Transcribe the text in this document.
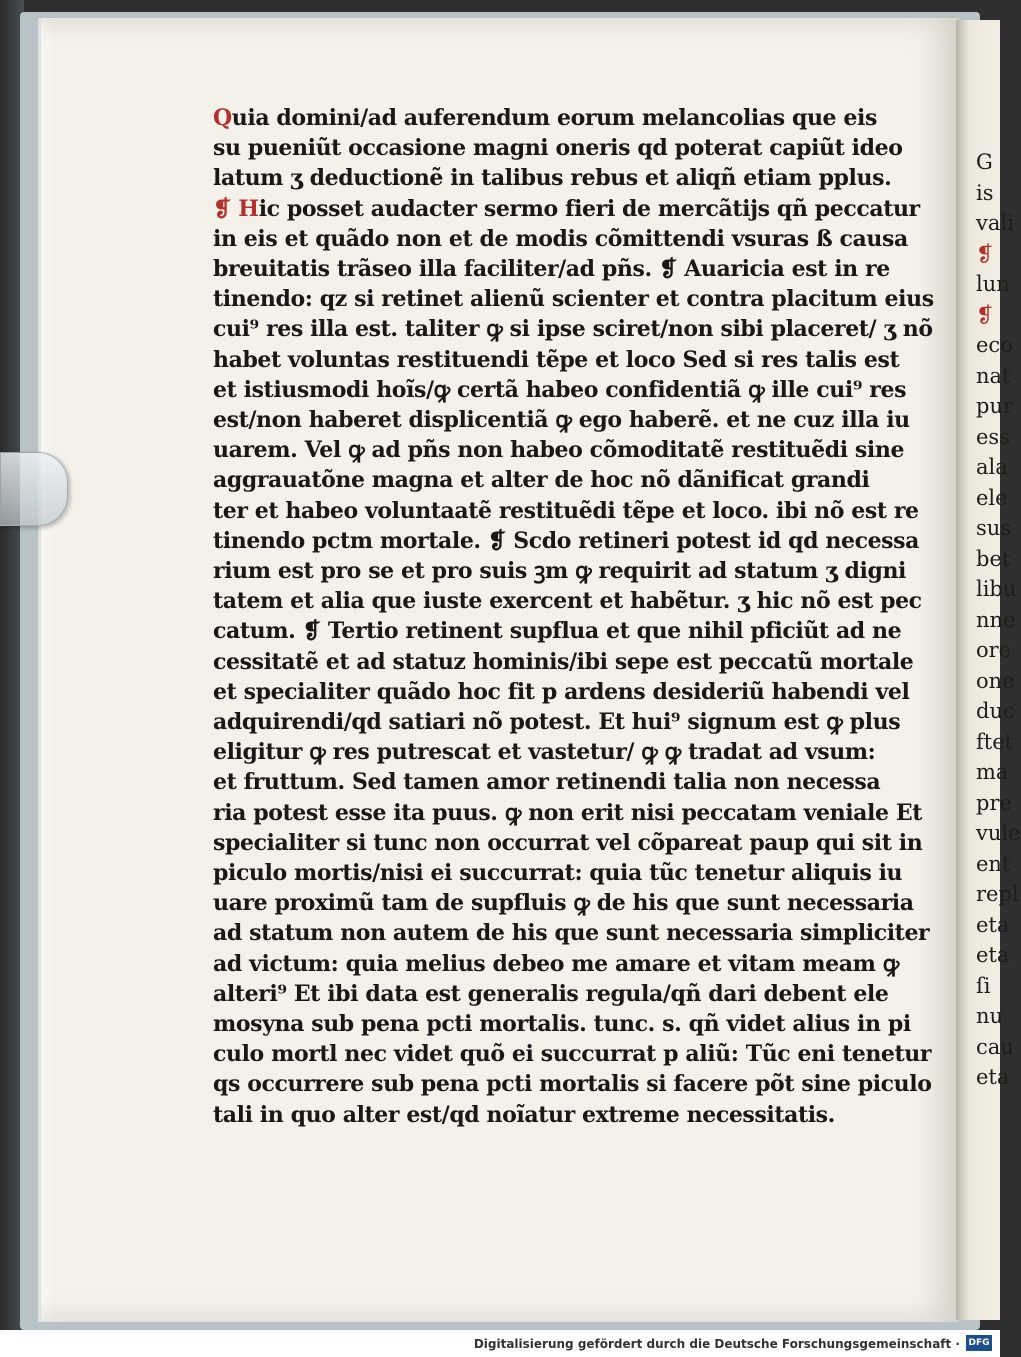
Quia domini/ad auferendum eorum melancolias que eis
su pueniũt occasione magni oneris qd poterat capiũt ideo
latum ʒ deductionẽ in talibus rebus et aliqñ etiam pplus.
❡ Hic posset audacter sermo fieri de mercãtijs qñ peccatur
in eis et quãdo non et de modis cõmittendi vsuras ß causa
breuitatis trãseo illa faciliter/ad pñs. ❡ Auaricia est in re
tinendo: qz si retinet alienũ scienter et contra placitum eius
cui⁹ res illa est. taliter ꝙ si ipse sciret/non sibi placeret/ ʒ nõ
habet voluntas restituendi tẽpe et loco Sed si res talis est
et istiusmodi hoĩs/ꝙ certã habeo confidentiã ꝙ ille cui⁹ res
est/non haberet displicentiã ꝙ ego haberẽ. et ne cuz illa iu
uarem. Vel ꝙ ad pñs non habeo cõmoditatẽ restituẽdi sine
aggrauatõne magna et alter de hoc nõ dãnificat grandi
ter et habeo voluntaatẽ restituẽdi tẽpe et loco. ibi nõ est re
tinendo pctm mortale. ❡ Scdo retineri potest id qd necessa
rium est pro se et pro suis ꝫm ꝙ requirit ad statum ʒ digni
tatem et alia que iuste exercent et habẽtur. ʒ hic nõ est pec
catum. ❡ Tertio retinent supflua et que nihil pficiũt ad ne
cessitatẽ et ad statuz hominis/ibi sepe est peccatũ mortale
et specialiter quãdo hoc fit p ardens desideriũ habendi vel
adquirendi/qd satiari nõ potest. Et hui⁹ signum est ꝙ plus
eligitur ꝙ res putrescat et vastetur/ ꝙ ꝙ tradat ad vsum:
et fruttum. Sed tamen amor retinendi talia non necessa
ria potest esse ita puus. ꝙ non erit nisi peccatam veniale Et
specialiter si tunc non occurrat vel cõpareat paup qui sit in
piculo mortis/nisi ei succurrat: quia tũc tenetur aliquis iu
uare proximũ tam de supfluis ꝙ de his que sunt necessaria
ad statum non autem de his que sunt necessaria simpliciter
ad victum: quia melius debeo me amare et vitam meam ꝙ
alteri⁹ Et ibi data est generalis regula/qñ dari debent ele
mosyna sub pena pcti mortalis. tunc. s. qñ videt alius in pi
culo mortl nec videt quõ ei succurrat p aliũ: Tũc eni tenetur
qs occurrere sub pena pcti mortalis si facere põt sine piculo
tali in quo alter est/qd noĩatur extreme necessitatis.
G
is
vali
❡
lun
❡
eco
nat
pur
ess
ala
ele
sus
bet
libu
nne
ore
one
duc
ftet
ma
pre
vule
ent
repl
eta
eta
ſi
nu
cau
eta
Digitalisierung gefördert durch die Deutsche Forschungsgemeinschaft · DFG
